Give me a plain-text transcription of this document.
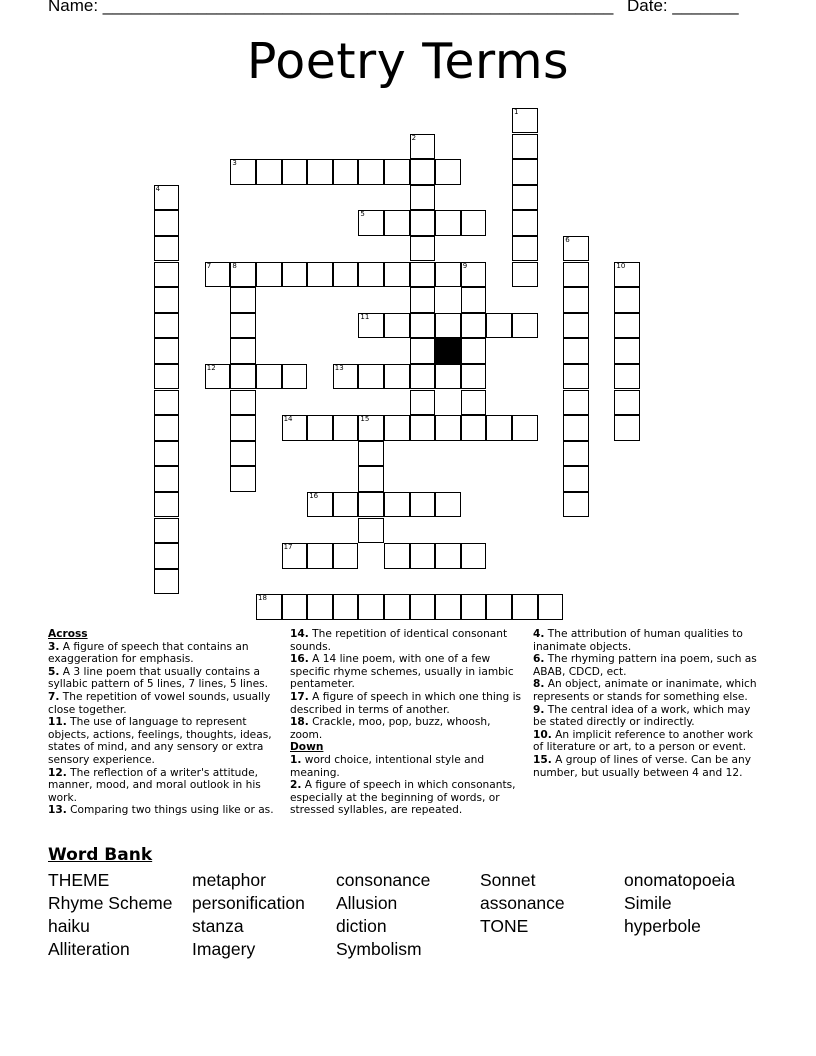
Name: ______________________________________________________ Date: _______
Poetry Terms
1
2
3
4
5
6
7	8	10
9
11
12	13
14	15
16
17
18
Across
3. A figure of speech that contains an exaggeration for emphasis.
5. A 3 line poem that usually contains a syllabic pattern of 5 lines, 7 lines, 5 lines.
7. The repetition of vowel sounds, usually close together.
11. The use of language to represent objects, actions, feelings, thoughts, ideas, states of mind, and any sensory or extra sensory experience.
12. The reflection of a writer's attitude, manner, mood, and moral outlook in his work.
13. Comparing two things using like or as.
14. The repetition of identical consonant sounds.
16. A 14 line poem, with one of a few specific rhyme schemes, usually in iambic pentameter.
17. A figure of speech in which one thing is described in terms of another.
18. Crackle, moo, pop, buzz, whoosh, zoom.
Down
1. word choice, intentional style and meaning.
2. A figure of speech in which consonants, especially at the beginning of words, or stressed syllables, are repeated.
4. The attribution of human qualities to inanimate objects.
6. The rhyming pattern ina poem, such as ABAB, CDCD, ect.
8. An object, animate or inanimate, which represents or stands for something else.
9. The central idea of a work, which may be stated directly or indirectly.
10. An implicit reference to another work of literature or art, to a person or event.
15. A group of lines of verse. Can be any number, but usually between 4 and 12.
Word Bank
THEME	metaphor	consonance	Sonnet	onomatopoeia
Rhyme Scheme	personification	Allusion	assonance	Simile
haiku	stanza	diction	TONE	hyperbole
Alliteration	Imagery	Symbolism
